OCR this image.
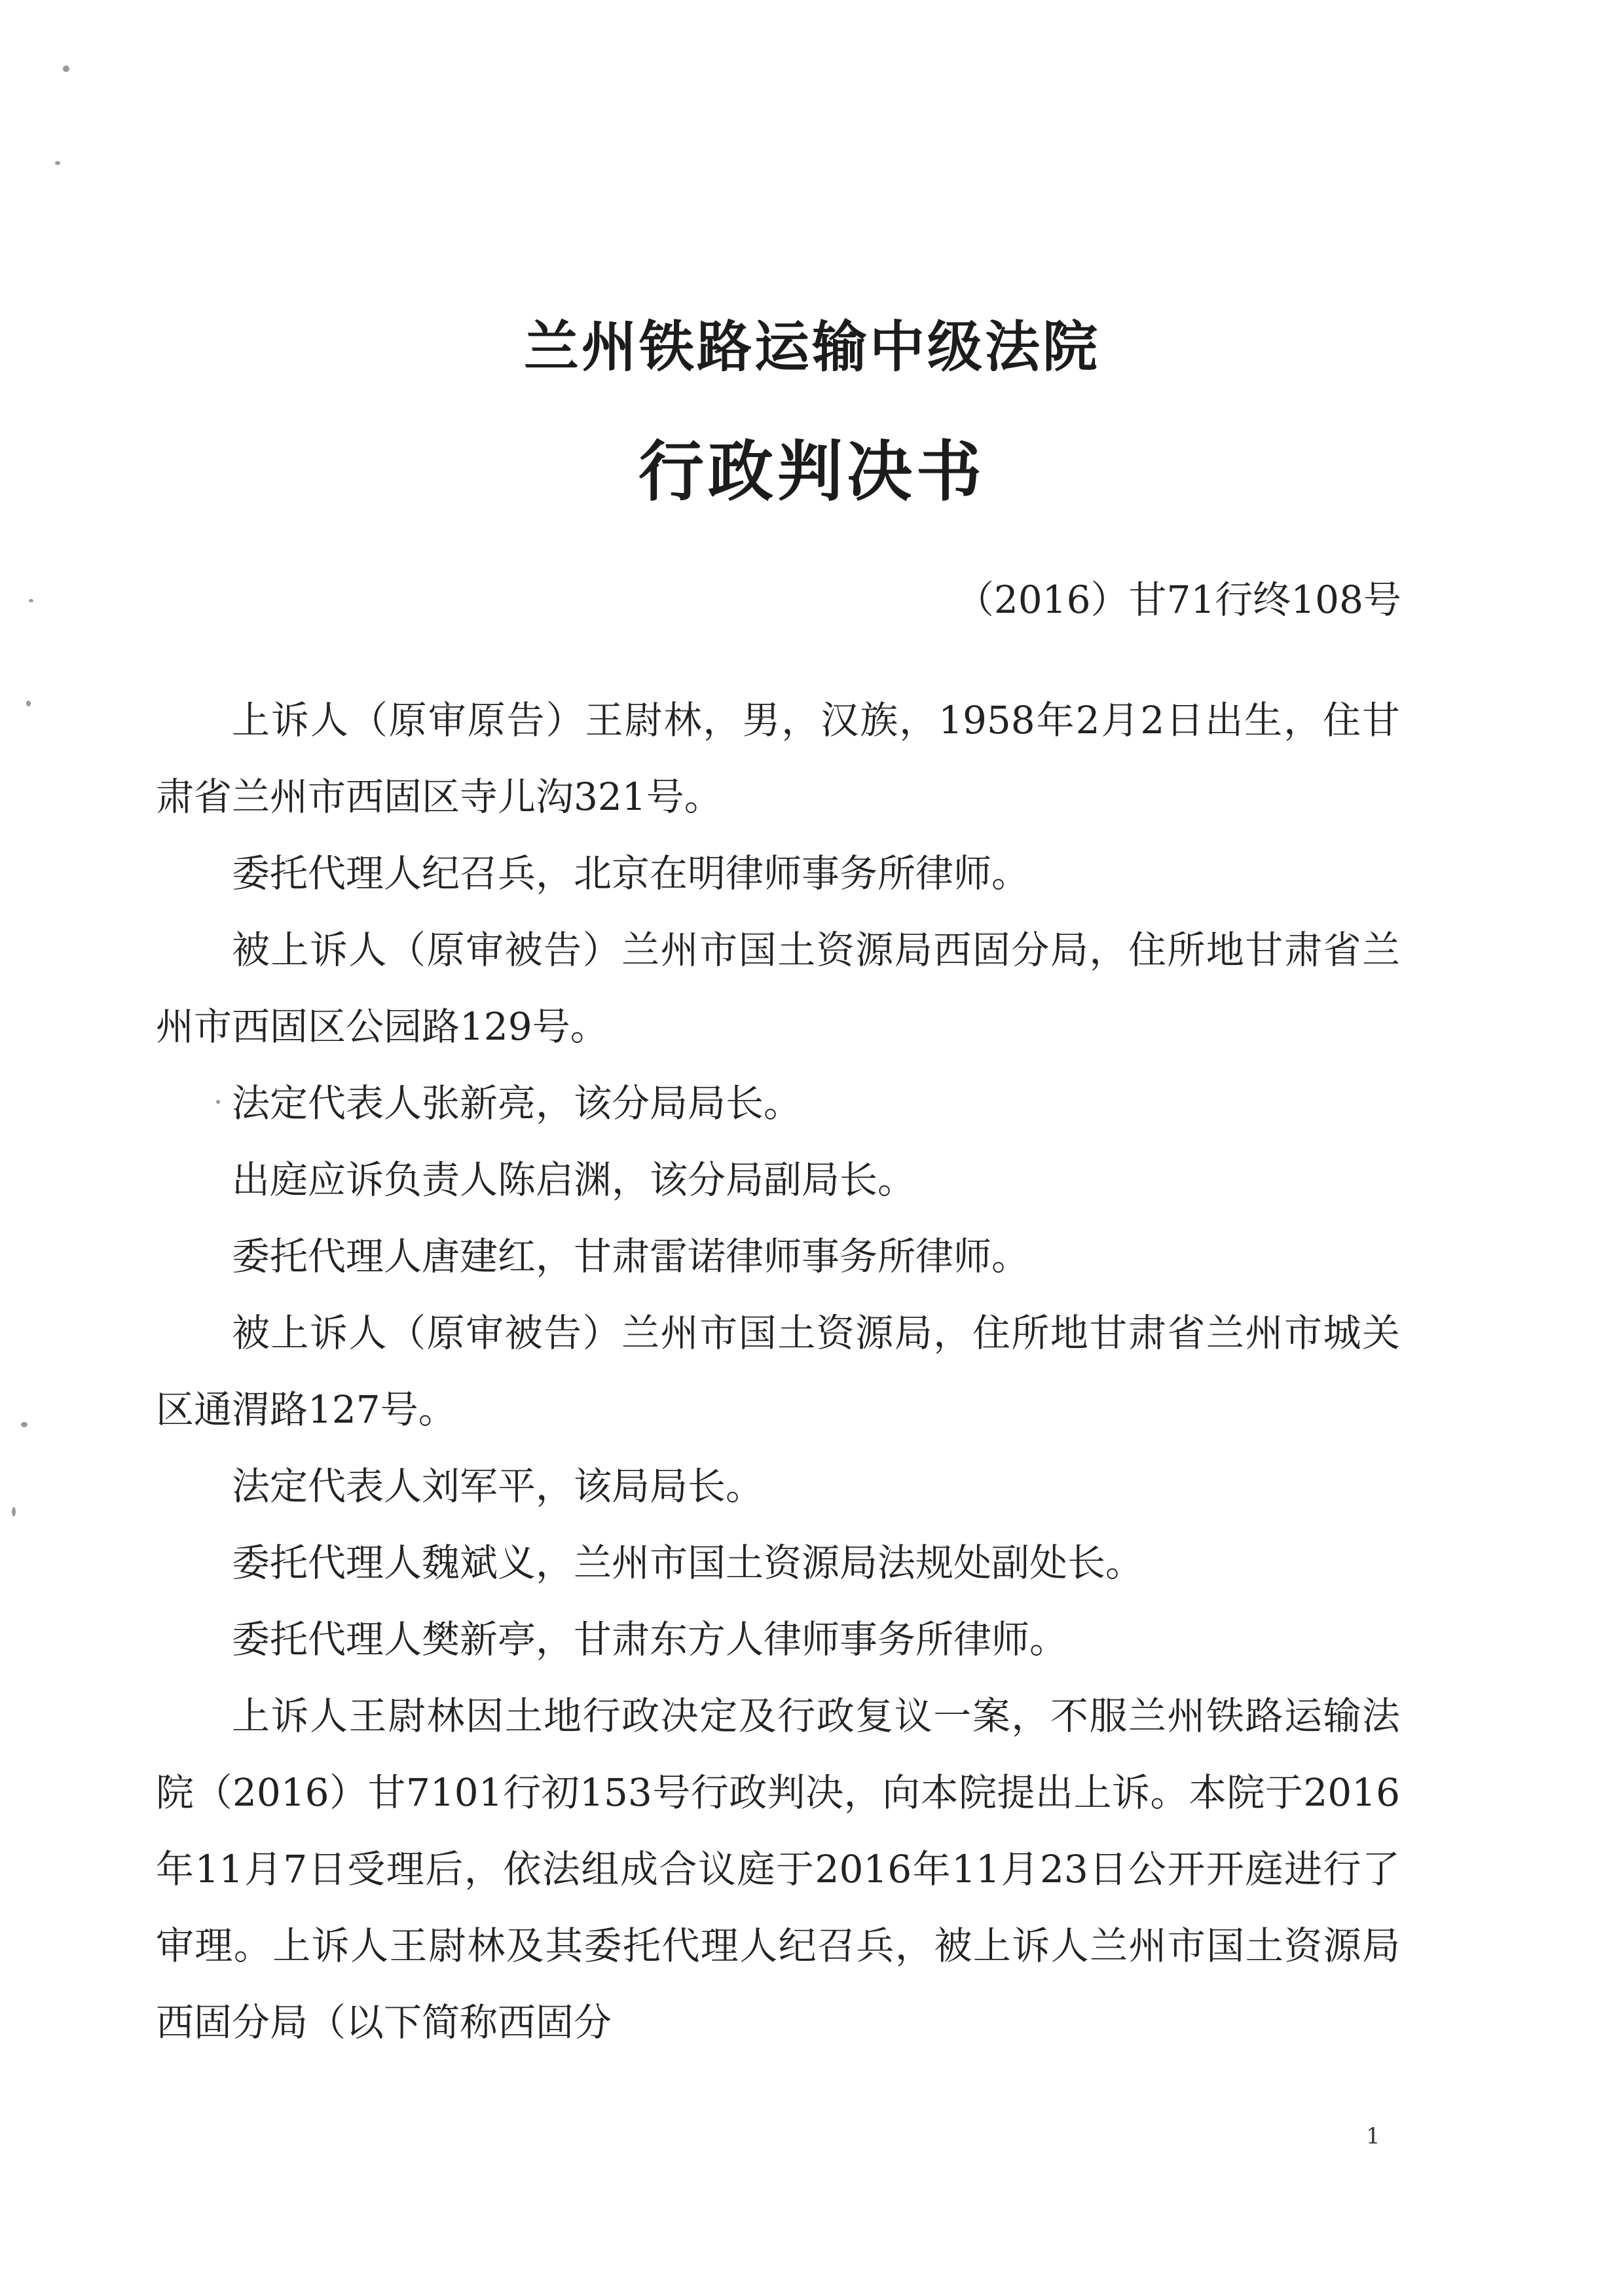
兰州铁路运输中级法院
行政判决书
（2016）甘71行终108号

上诉人（原审原告）王尉林，男，汉族，1958年2月2日出生，住甘肃省兰州市西固区寺儿沟321号。

委托代理人纪召兵，北京在明律师事务所律师。

被上诉人（原审被告）兰州市国土资源局西固分局，住所地甘肃省兰州市西固区公园路129号。

法定代表人张新亮，该分局局长。

出庭应诉负责人陈启渊，该分局副局长。

委托代理人唐建红，甘肃雷诺律师事务所律师。

被上诉人（原审被告）兰州市国土资源局，住所地甘肃省兰州市城关区通渭路127号。

法定代表人刘军平，该局局长。

委托代理人魏斌义，兰州市国土资源局法规处副处长。

委托代理人樊新亭，甘肃东方人律师事务所律师。

上诉人王尉林因土地行政决定及行政复议一案，不服兰州铁路运输法院（2016）甘7101行初153号行政判决，向本院提出上诉。本院于2016年11月7日受理后，依法组成合议庭于2016年11月23日公开开庭进行了审理。上诉人王尉林及其委托代理人纪召兵，被上诉人兰州市国土资源局西固分局（以下简称西固分

1
